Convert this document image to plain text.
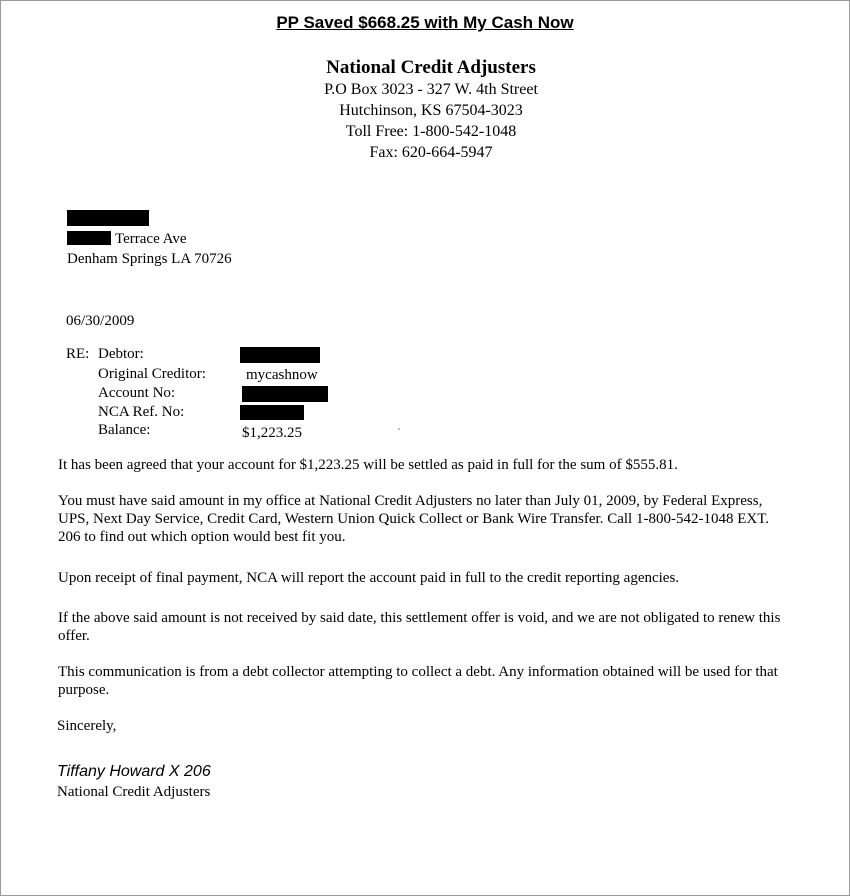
PP Saved $668.25 with My Cash Now
National Credit Adjusters
P.O Box 3023 - 327 W. 4th Street
Hutchinson, KS 67504-3023
Toll Free: 1-800-542-1048
Fax: 620-664-5947
Terrace Ave
Denham Springs LA 70726
06/30/2009
RE: Debtor:
Original Creditor:	mycashnow
Account No:
NCA Ref. No:
Balance:	$1,223.25
It has been agreed that your account for $1,223.25 will be settled as paid in full for the sum of $555.81.
You must have said amount in my office at National Credit Adjusters no later than July 01, 2009, by Federal Express, UPS, Next Day Service, Credit Card, Western Union Quick Collect or Bank Wire Transfer. Call 1-800-542-1048 EXT. 206 to find out which option would best fit you.
Upon receipt of final payment, NCA will report the account paid in full to the credit reporting agencies.
If the above said amount is not received by said date, this settlement offer is void, and we are not obligated to renew this offer.
This communication is from a debt collector attempting to collect a debt. Any information obtained will be used for that purpose.
Sincerely,
Tiffany Howard X 206
National Credit Adjusters
